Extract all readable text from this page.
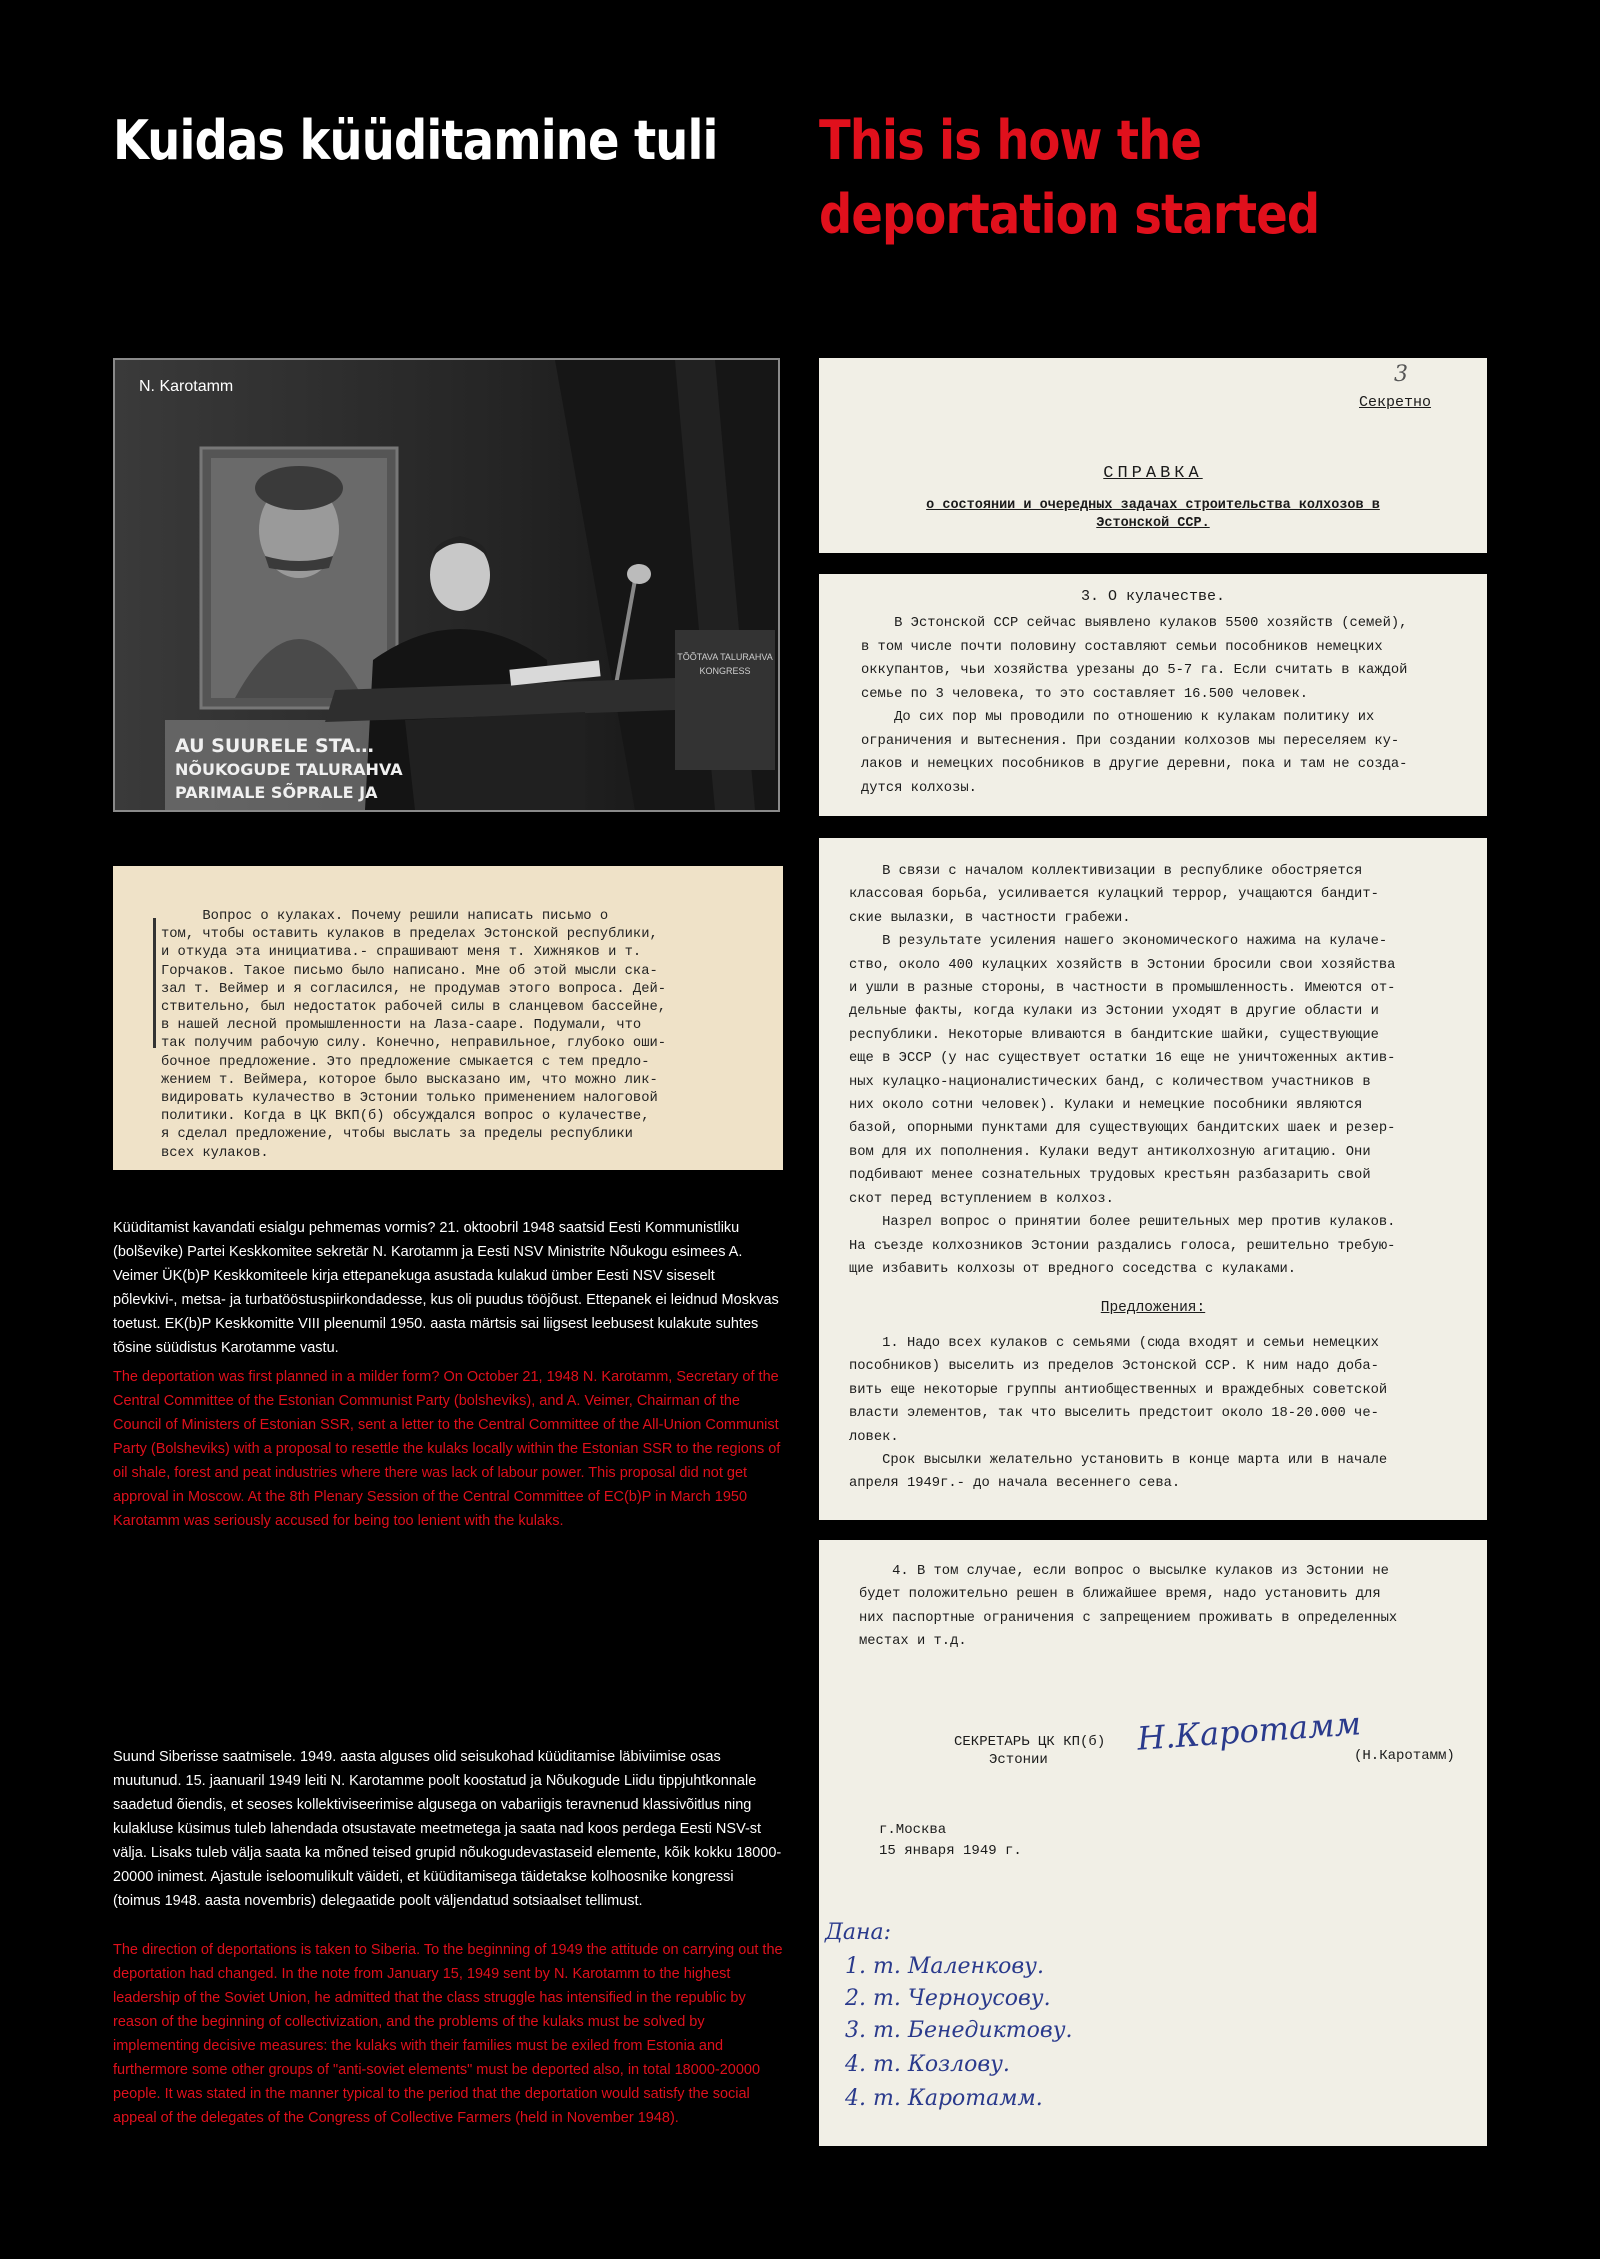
Kuidas küüditamine tuli	This is how the deportation started
TÕÕTAVA TALURAHVA
KONGRESS
AU SUURELE STA…
NÕUKOGUDE TALURAHVA
PARIMALE SÕPRALE JA
N. Karotamm	3
Секретно
СПРАВКА
о состоянии и очередных задачах строительства колхозов в
Эстонской ССР.
3. О кулачестве.
В Эстонской ССР сейчас выявлено кулаков 5500 хозяйств (семей),
в том числе почти половину составляют семьи пособников немецких
оккупантов, чьи хозяйства урезаны до 5-7 га. Если считать в каждой
семье по 3 человека, то это составляет 16.500 человек.
До сих пор мы проводили по отношению к кулакам политику их
ограничения и вытеснения. При создании колхозов мы переселяем ку-
лаков и немецких пособников в другие деревни, пока и там не созда-
дутся колхозы.
В связи с началом коллективизации в республике обостряется
классовая борьба, усиливается кулацкий террор, учащаются бандит-
ские вылазки, в частности грабежи.
В результате усиления нашего экономического нажима на кулаче-
ство, около 400 кулацких хозяйств в Эстонии бросили свои хозяйства
и ушли в разные стороны, в частности в промышленность. Имеются от-
дельные факты, когда кулаки из Эстонии уходят в другие области и
республики. Некоторые вливаются в бандитские шайки, существующие
еще в ЭССР (у нас существует остатки 16 еще не уничтоженных актив-
ных кулацко-националистических банд, с количеством участников в
них около сотни человек). Кулаки и немецкие пособники являются
базой, опорными пунктами для существующих бандитских шаек и резер-
вом для их пополнения. Кулаки ведут антиколхозную агитацию. Они
подбивают менее сознательных трудовых крестьян разбазарить свой
скот перед вступлением в колхоз.
Назрел вопрос о принятии более решительных мер против кулаков.
На съезде колхозников Эстонии раздались голоса, решительно требую-
щие избавить колхозы от вредного соседства с кулаками.
Предложения:
1. Надо всех кулаков с семьями (сюда входят и семьи немецких
пособников) выселить из пределов Эстонской ССР. К ним надо доба-
вить еще некоторые группы антиобщественных и враждебных советской
власти элементов, так что выселить предстоит около 18-20.000 че-
ловек.
Срок высылки желательно установить в конце марта или в начале
апреля 1949г.- до начала весеннего сева.
4. В том случае, если вопрос о высылке кулаков из Эстонии не
будет положительно решен в ближайшее время, надо установить для
них паспортные ограничения с запрещением проживать в определенных
местах и т.д.
СЕКРЕТАРЬ ЦК КП(б)
Эстонии
Н.Каротамм
(Н.Каротамм)
г.Москва
15 января 1949 г.
Дана:
1. т. Маленкову.
2. т. Черноусову.
3. т. Бенедиктову.
4. т. Козлову.
4. т. Каротамм.
Вопрос о кулаках. Почему решили написать письмо о
том, чтобы оставить кулаков в пределах Эстонской республики,
и откуда эта инициатива.- спрашивают меня т. Хижняков и т.
Горчаков. Такое письмо было написано. Мне об этой мысли ска-
зал т. Веймер и я согласился, не продумав этого вопроса. Дей-
ствительно, был недостаток рабочей силы в сланцевом бассейне,
в нашей лесной промышленности на Лаза-сааре. Подумали, что
так получим рабочую силу. Конечно, неправильное, глубоко оши-
бочное предложение. Это предложение смыкается с тем предло-
жением т. Веймера, которое было высказано им, что можно лик-
видировать кулачество в Эстонии только применением налоговой
политики. Когда в ЦК ВКП(б) обсуждался вопрос о кулачестве,
я сделал предложение, чтобы выслать за пределы республики
всех кулаков.

Küüditamist kavandati esialgu pehmemas vormis? 21. oktoobril 1948 saatsid Eesti Kommunistliku (bolševike) Partei Keskkomitee sekretär N. Karotamm ja Eesti NSV Ministrite Nõukogu esimees A. Veimer ÜK(b)P Keskkomiteele kirja ettepanekuga asustada kulakud ümber Eesti NSV siseselt põlevkivi-, metsa- ja turbatööstuspiirkondadesse, kus oli puudus tööjõust. Ettepanek ei leidnud Moskvas toetust. EK(b)P Keskkomitte VIII pleenumil 1950. aasta märtsis sai liigsest leebusest kulakute suhtes tõsine süüdistus Karotamme vastu.

The deportation was first planned in a milder form? On October 21, 1948 N. Karotamm, Secretary of the Central Committee of the Estonian Communist Party (bolsheviks), and A. Veimer, Chairman of the Council of Ministers of Estonian SSR, sent a letter to the Central Committee of the All-Union Communist Party (Bolsheviks) with a proposal to resettle the kulaks locally within the Estonian SSR to the regions of oil shale, forest and peat industries where there was lack of labour power. This proposal did not get approval in Moscow. At the 8th Plenary Session of the Central Committee of EC(b)P in March 1950 Karotamm was seriously accused for being too lenient with the kulaks.

Suund Siberisse saatmisele. 1949. aasta alguses olid seisukohad küüditamise läbiviimise osas muutunud. 15. jaanuaril 1949 leiti N. Karotamme poolt koostatud ja Nõukogude Liidu tippjuhtkonnale saadetud õiendis, et seoses kollektiviseerimise algusega on vabariigis teravnenud klassivõitlus ning kulakluse küsimus tuleb lahendada otsustavate meetmetega ja saata nad koos perdega Eesti NSV-st välja. Lisaks tuleb välja saata ka mõned teised grupid nõukogudevastaseid elemente, kõik kokku 18000-20000 inimest. Ajastule iseloomulikult väideti, et küüditamisega täidetakse kolhoosnike kongressi (toimus 1948. aasta novembris) delegaatide poolt väljendatud sotsiaalset tellimust.

The direction of deportations is taken to Siberia. To the beginning of 1949 the attitude on carrying out the deportation had changed. In the note from January 15, 1949 sent by N. Karotamm to the highest leadership of the Soviet Union, he admitted that the class struggle has intensified in the republic by reason of the beginning of collectivization, and the problems of the kulaks must be solved by implementing decisive measures: the kulaks with their families must be exiled from Estonia and furthermore some other groups of "anti-soviet elements" must be deported also, in total 18000-20000 people. It was stated in the manner typical to the period that the deportation would satisfy the social appeal of the delegates of the Congress of Collective Farmers (held in November 1948).
